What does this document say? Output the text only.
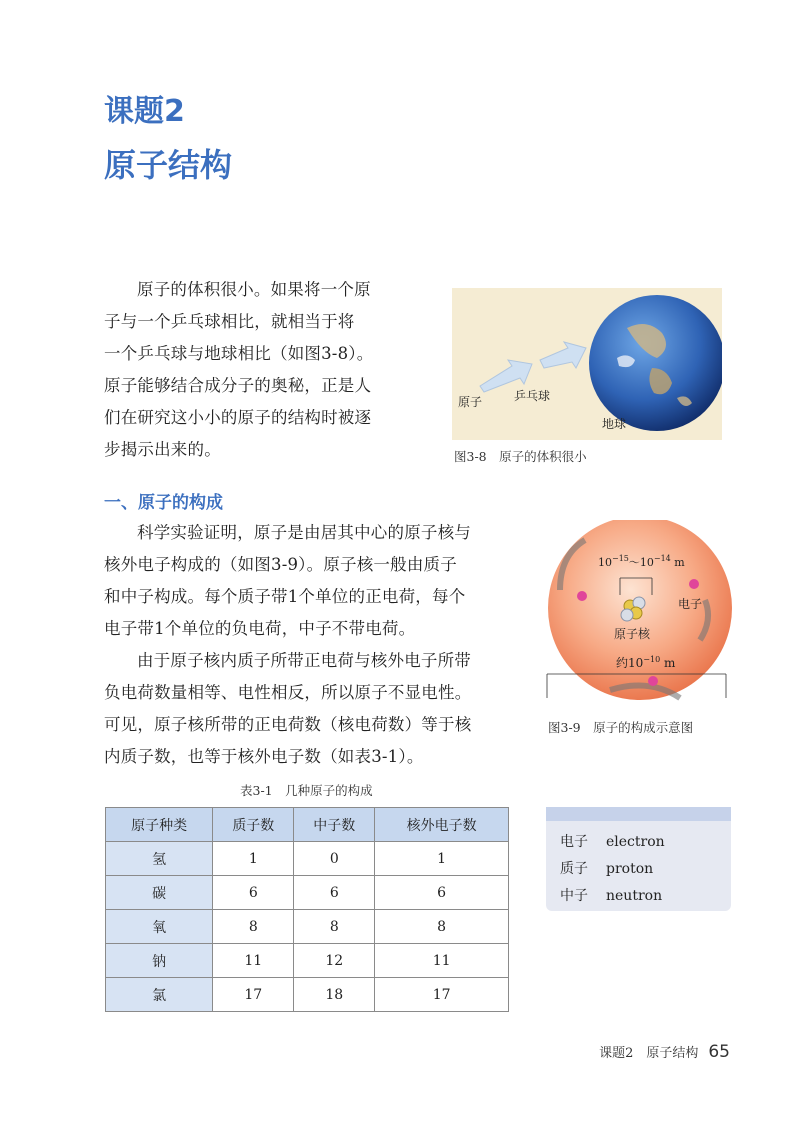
课题2
原子结构

原子的体积很小。如果将一个原

子与一个乒乓球相比，就相当于将

一个乒乓球与地球相比（如图3-8）。

原子能够结合成分子的奥秘，正是人

们在研究这小小的原子的结构时被逐

步揭示出来的。

原子	乒乓球
地球
图3-8　原子的体积很小
一、原子的构成

科学实验证明，原子是由居其中心的原子核与

核外电子构成的（如图3-9）。原子核一般由质子

和中子构成。每个质子带1个单位的正电荷，每个

电子带1个单位的负电荷，中子不带电荷。

由于原子核内质子所带正电荷与核外电子所带

负电荷数量相等、电性相反，所以原子不显电性。

可见，原子核所带的正电荷数（核电荷数）等于核

内质子数，也等于核外电子数（如表3-1）。

$10^{-15}\sim 10^{-14}$ m
电子
原子核
约$10^{-10}$ m
图3-9　原子的构成示意图
表3-1　几种原子的构成
原子种类	质子数	中子数	核外电子数
氢	1	0	1
碳	6	6	6
氧	8	8	8
钠	11	12	11
氯	17	18	17
电子 electron
质子 proton
中子 neutron
课题2　原子结构 65
